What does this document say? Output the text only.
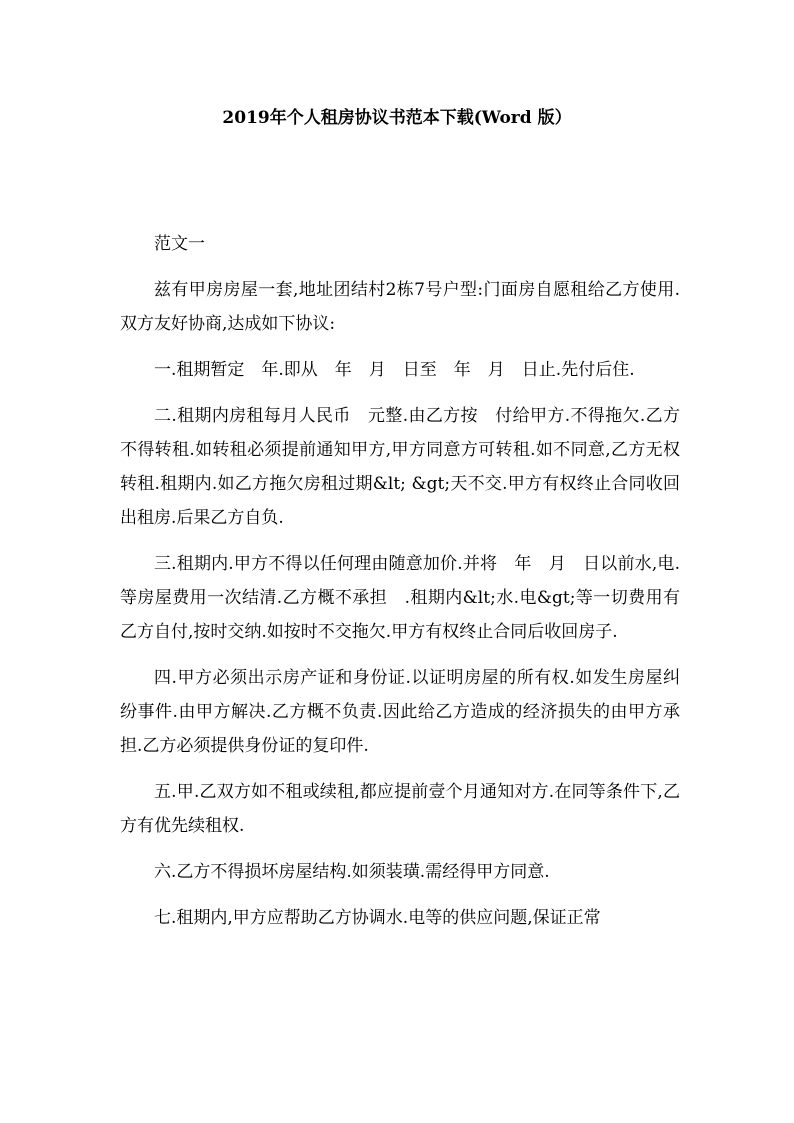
2019年个人租房协议书范本下载(Word 版）

范文一

兹有甲房房屋一套,地址团结村2栋7号户型:门面房自愿租给乙方使用.双方友好协商,达成如下协议:

一.租期暂定　年.即从　年　月　日至　年　月　日止.先付后住.

二.租期内房租每月人民币　元整.由乙方按　付给甲方.不得拖欠.乙方不得转租.如转租必须提前通知甲方,甲方同意方可转租.如不同意,乙方无权转租.租期内.如乙方拖欠房租过期&lt; &gt;天不交.甲方有权终止合同收回出租房.后果乙方自负.

三.租期内.甲方不得以任何理由随意加价.并将　年　月　日以前水,电.等房屋费用一次结清.乙方概不承担　.租期内&lt;水.电&gt;等一切费用有乙方自付,按时交纳.如按时不交拖欠.甲方有权终止合同后收回房子.

四.甲方必须出示房产证和身份证.以证明房屋的所有权.如发生房屋纠纷事件.由甲方解决.乙方概不负责.因此给乙方造成的经济损失的由甲方承担.乙方必须提供身份证的复印件.

五.甲.乙双方如不租或续租,都应提前壹个月通知对方.在同等条件下,乙方有优先续租权.

六.乙方不得损坏房屋结构.如须装璜.需经得甲方同意.

七.租期内,甲方应帮助乙方协调水.电等的供应问题,保证正常
